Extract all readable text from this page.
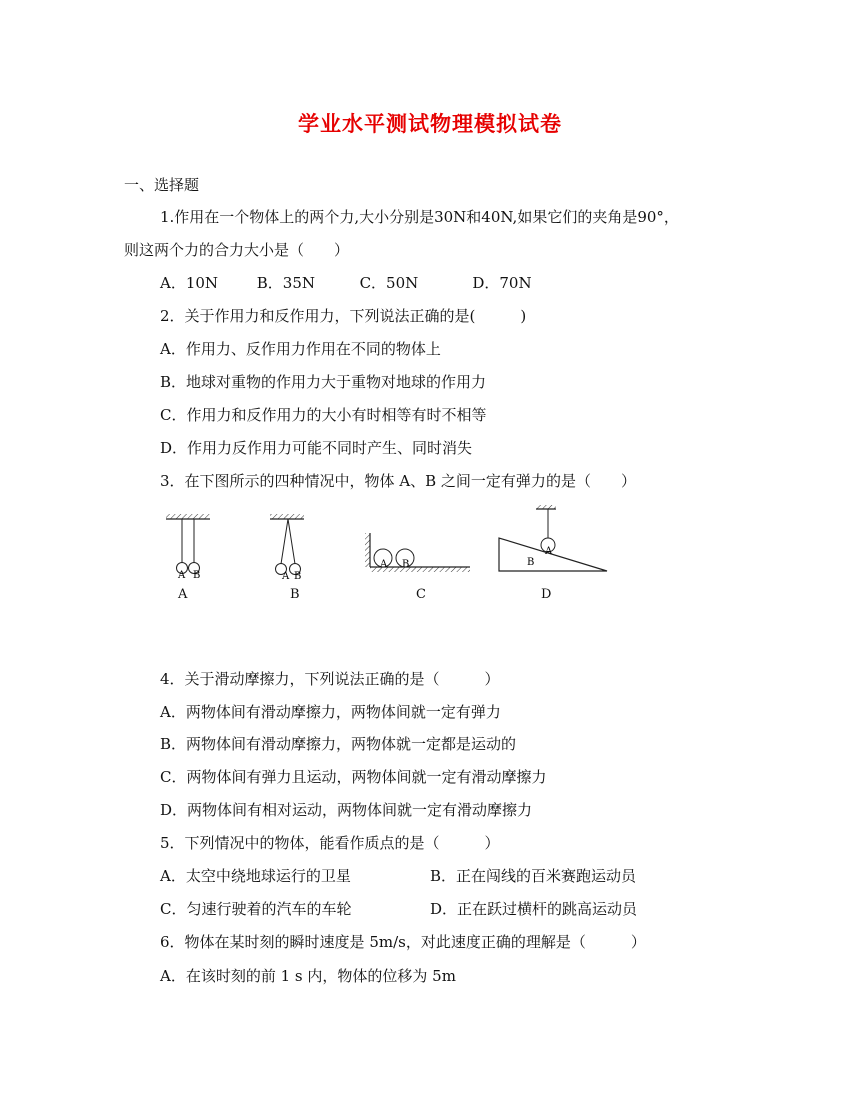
学业水平测试物理模拟试卷
一、选择题
1.作用在一个物体上的两个力,大小分别是30N和40N,如果它们的夹角是90°，
则这两个力的合力大小是（　　）
A．10N	B．35N	C．50N	D．70N
2．关于作用力和反作用力，下列说法正确的是(　　　)
A．作用力、反作用力作用在不同的物体上
B．地球对重物的作用力大于重物对地球的作用力
C．作用力和反作用力的大小有时相等有时不相等
D．作用力反作用力可能不同时产生、同时消失
3．在下图所示的四种情况中，物体 A、B 之间一定有弹力的是（　　）
A B	A B
A B
A
B
A	B	C	D
4．关于滑动摩擦力，下列说法正确的是（　　　）
A．两物体间有滑动摩擦力，两物体间就一定有弹力
B．两物体间有滑动摩擦力，两物体就一定都是运动的
C．两物体间有弹力且运动，两物体间就一定有滑动摩擦力
D．两物体间有相对运动，两物体间就一定有滑动摩擦力
5．下列情况中的物体，能看作质点的是（　　　）
A．太空中绕地球运行的卫星	B．正在闯线的百米赛跑运动员
C．匀速行驶着的汽车的车轮	D．正在跃过横杆的跳高运动员
6．物体在某时刻的瞬时速度是 5m/s，对此速度正确的理解是（　　　）
A．在该时刻的前 1 s 内，物体的位移为 5m
